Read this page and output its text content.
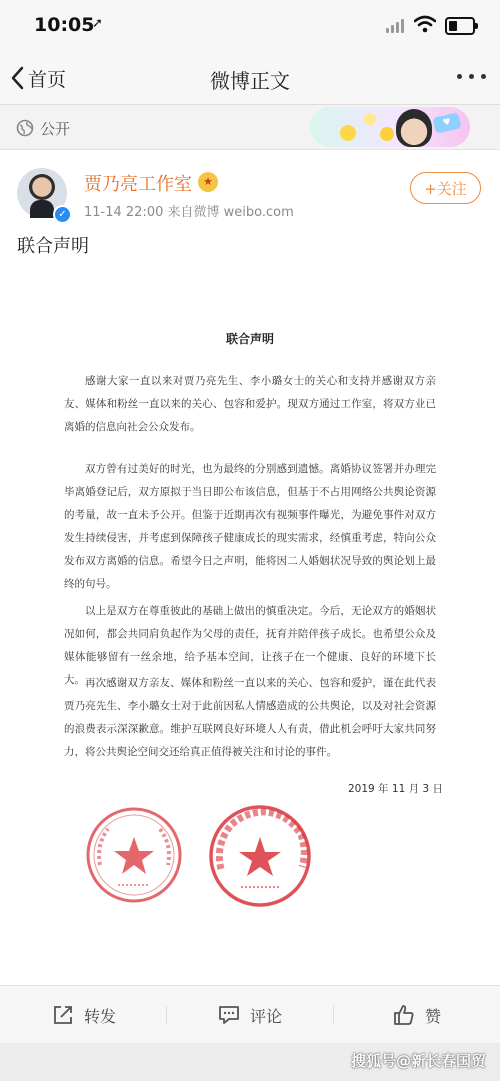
10:05
➚
首页	微博正文
公开	♥
✓
贾乃亮工作室	★
11-14 22:00 来自微博 weibo.com
+关注
联合声明
联合声明

感谢大家一直以来对贾乃亮先生、李小璐女士的关心和支持并感谢双方亲友、媒体和粉丝一直以来的关心、包容和爱护。现双方通过工作室，将双方业已离婚的信息向社会公众发布。

双方曾有过美好的时光，也为最终的分别感到遗憾。离婚协议签署并办理完毕离婚登记后，双方原拟于当日即公布该信息，但基于不占用网络公共舆论资源的考量，故一直未予公开。但鉴于近期再次有视频事件曝光，为避免事件对双方发生持续侵害，并考虑到保障孩子健康成长的现实需求，经慎重考虑，特向公众发布双方离婚的信息。希望今日之声明，能将因二人婚姻状况导致的舆论划上最终的句号。

以上是双方在尊重彼此的基础上做出的慎重决定。今后，无论双方的婚姻状况如何，都会共同肩负起作为父母的责任，抚育并陪伴孩子成长。也希望公众及媒体能够留有一丝余地，给予基本空间，让孩子在一个健康、良好的环境下长大。 再次感谢双方亲友、媒体和粉丝一直以来的关心、包容和爱护，谨在此代表贾乃亮先生、李小璐女士对于此前因私人情感造成的公共舆论，以及对社会资源的浪费表示深深歉意。维护互联网良好环境人人有责，借此机会呼吁大家共同努力，将公共舆论空间交还给真正值得被关注和讨论的事件。

2019 年 11 月 3 日
转发	评论	赞
搜狐号@新长春国贸
